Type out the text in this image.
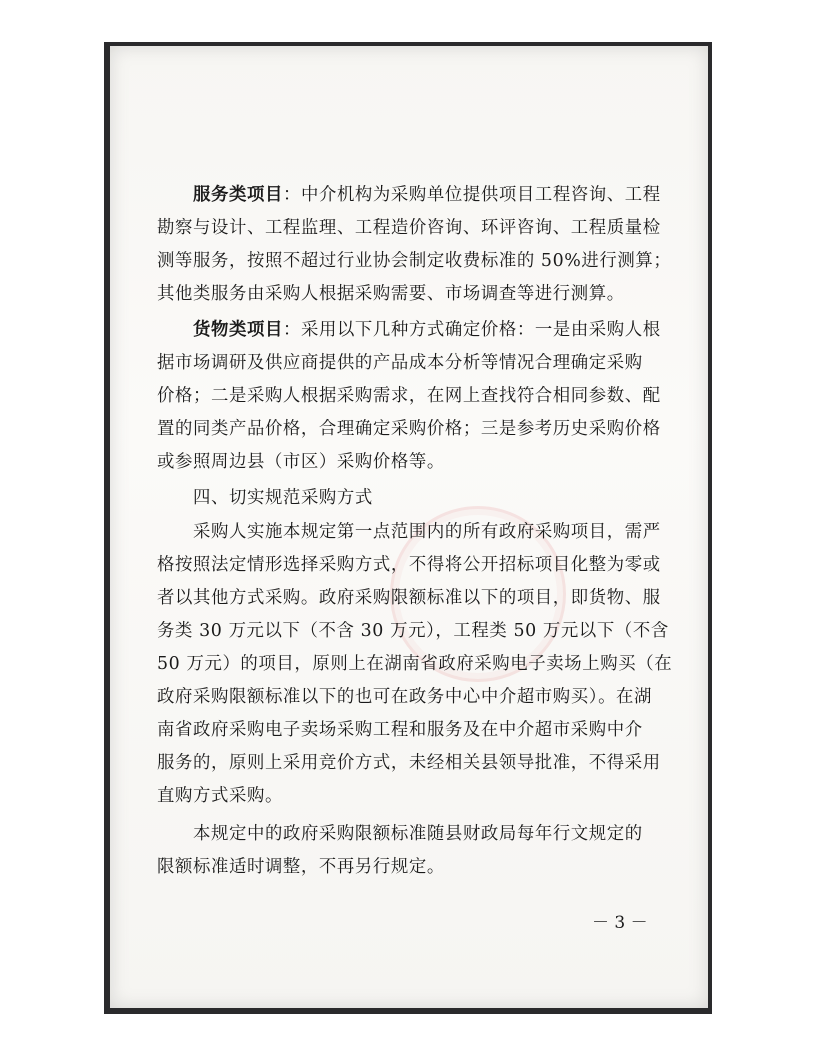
服务类项目：中介机构为采购单位提供项目工程咨询、工程
勘察与设计、工程监理、工程造价咨询、环评咨询、工程质量检
测等服务，按照不超过行业协会制定收费标准的 50%进行测算；
其他类服务由采购人根据采购需要、市场调查等进行测算。
货物类项目：采用以下几种方式确定价格：一是由采购人根
据市场调研及供应商提供的产品成本分析等情况合理确定采购
价格；二是采购人根据采购需求，在网上查找符合相同参数、配
置的同类产品价格，合理确定采购价格；三是参考历史采购价格
或参照周边县（市区）采购价格等。
四、切实规范采购方式
采购人实施本规定第一点范围内的所有政府采购项目，需严
格按照法定情形选择采购方式，不得将公开招标项目化整为零或
者以其他方式采购。政府采购限额标准以下的项目，即货物、服
务类 30 万元以下（不含 30 万元），工程类 50 万元以下（不含
50 万元）的项目，原则上在湖南省政府采购电子卖场上购买（在
政府采购限额标准以下的也可在政务中心中介超市购买）。在湖
南省政府采购电子卖场采购工程和服务及在中介超市采购中介
服务的，原则上采用竞价方式，未经相关县领导批准，不得采用
直购方式采购。
本规定中的政府采购限额标准随县财政局每年行文规定的
限额标准适时调整，不再另行规定。
－ 3 －
